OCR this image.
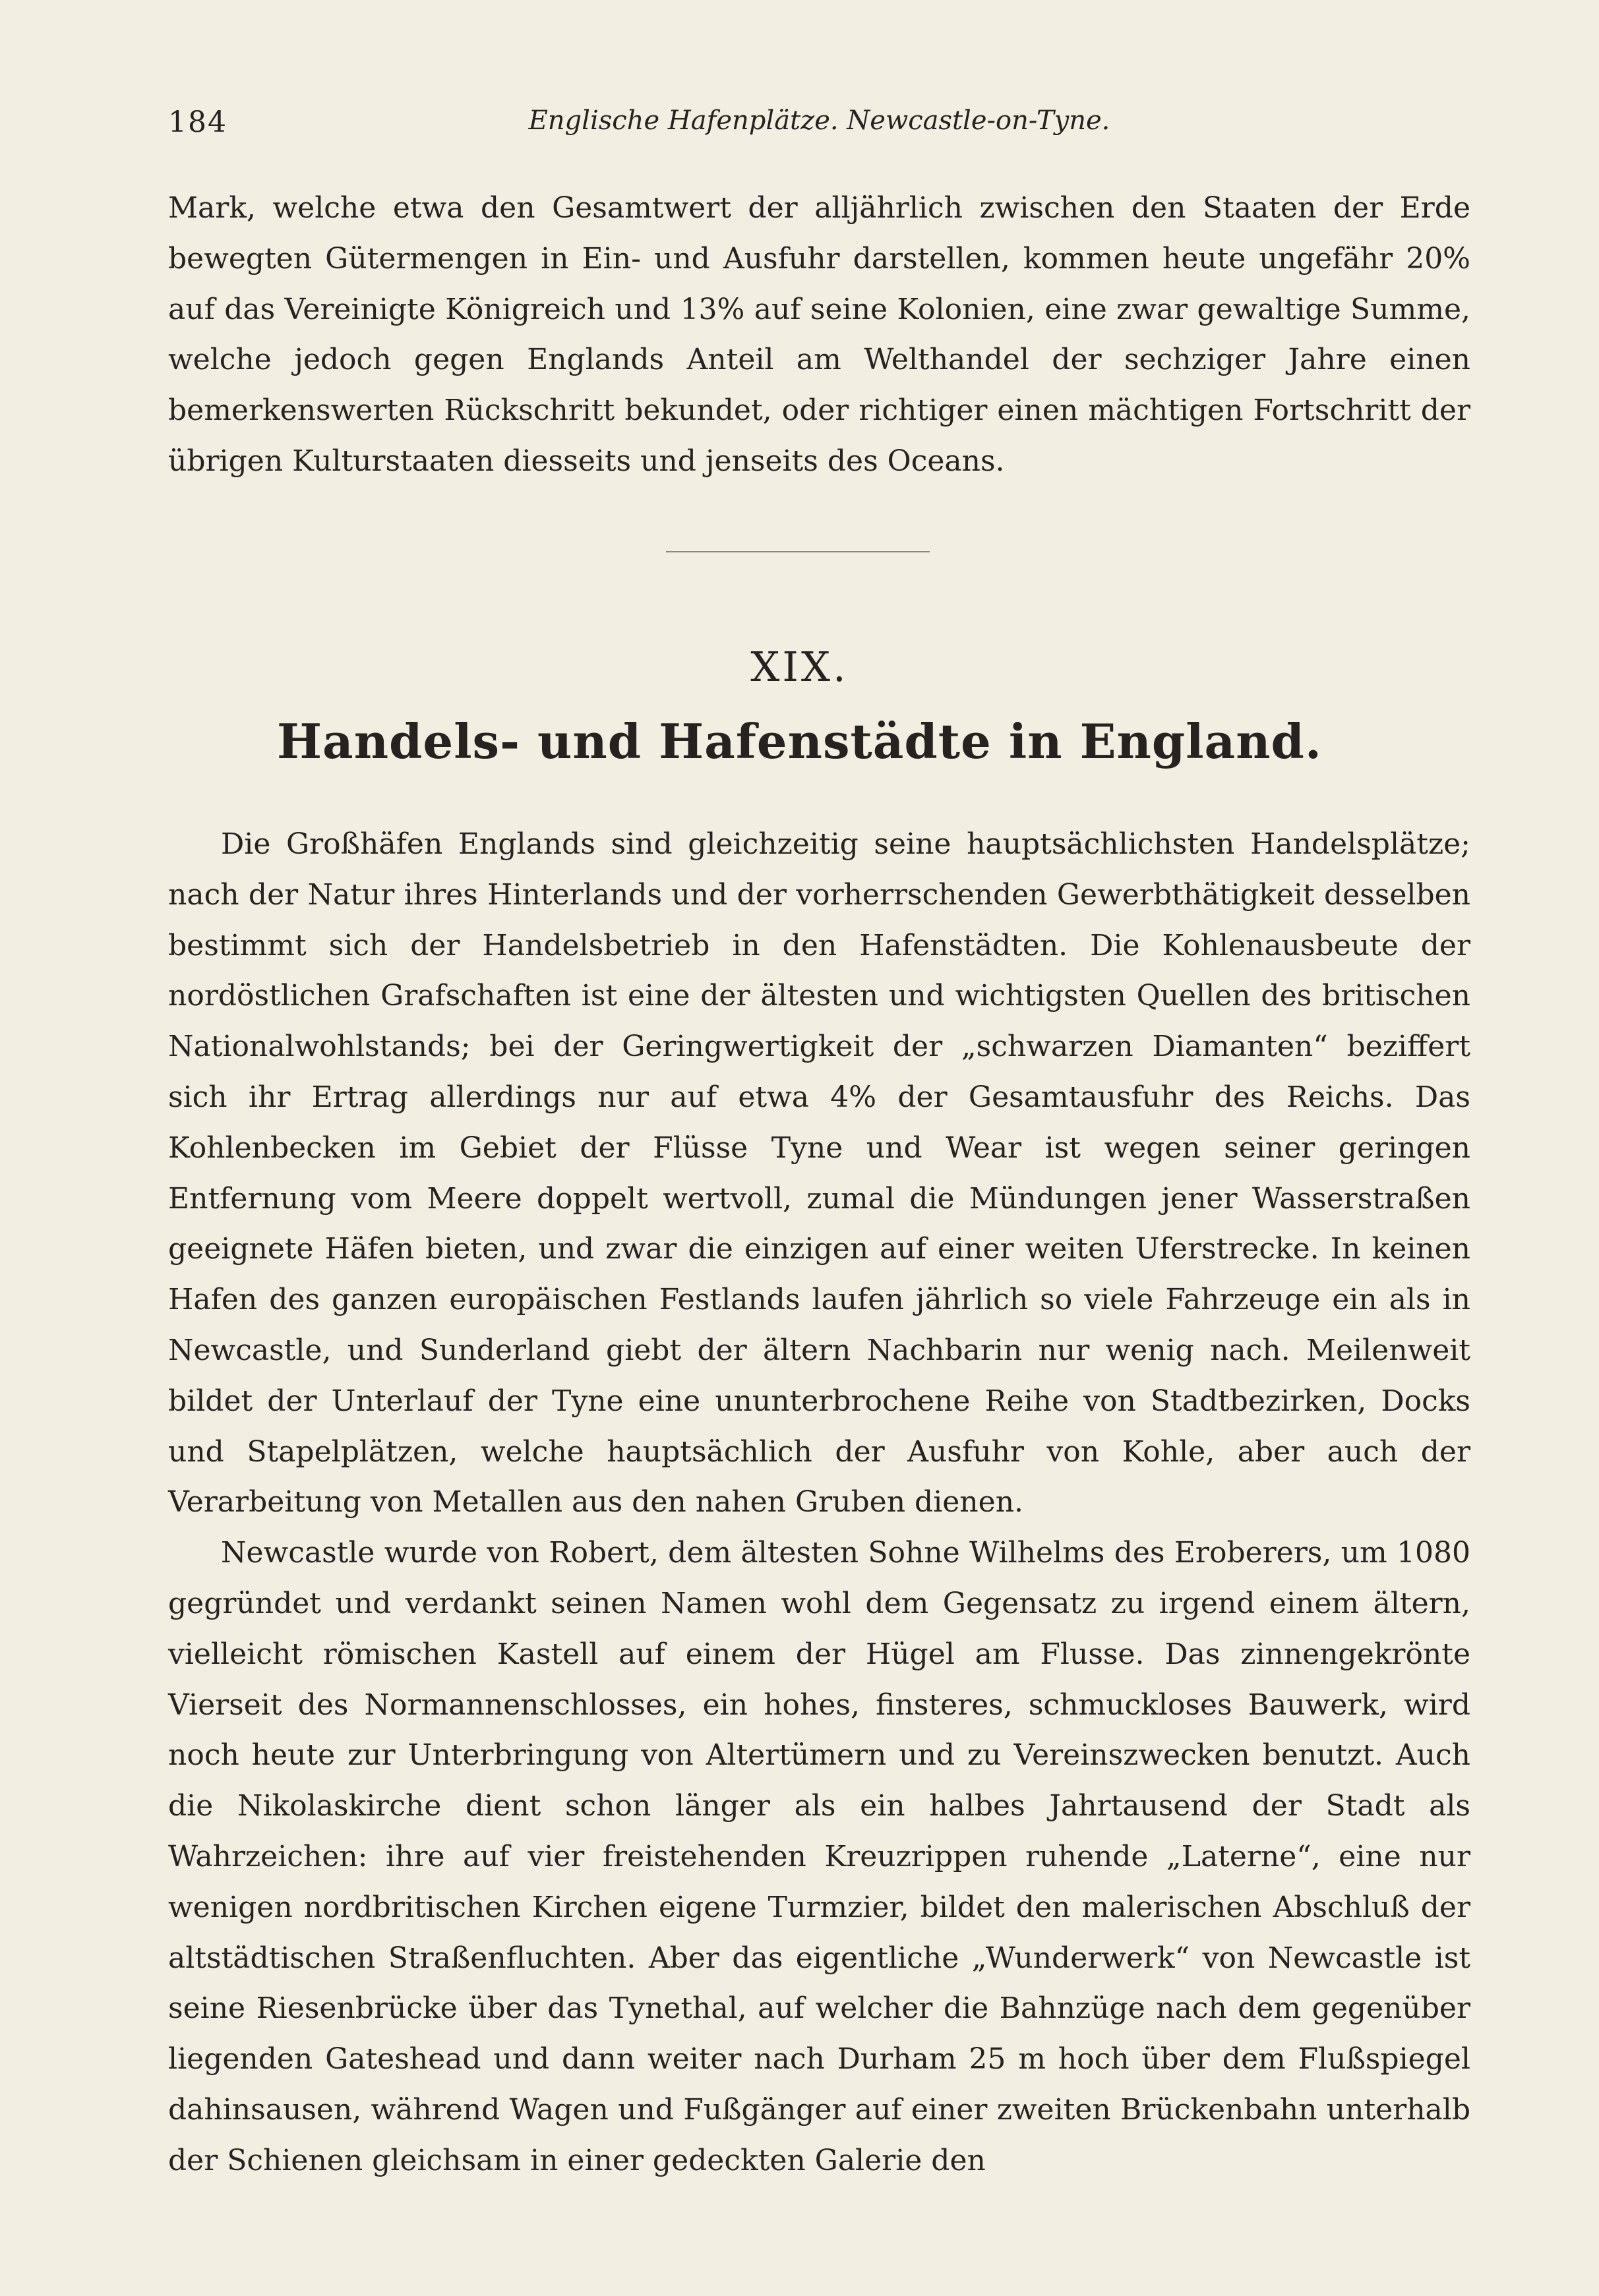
184	Englische Hafenplätze. Newcastle-on-Tyne.

Mark, welche etwa den Gesamtwert der alljährlich zwischen den Staaten der Erde bewegten Gütermengen in Ein- und Ausfuhr darstellen, kommen heute ungefähr 20% auf das Vereinigte Königreich und 13% auf seine Kolonien, eine zwar gewaltige Summe, welche jedoch gegen Englands Anteil am Welthandel der sechziger Jahre einen bemerkenswerten Rückschritt bekundet, oder richtiger einen mächtigen Fortschritt der übrigen Kulturstaaten diesseits und jenseits des Oceans.

XIX.
Handels- und Hafenstädte in England.

Die Großhäfen Englands sind gleichzeitig seine hauptsächlichsten Handelsplätze; nach der Natur ihres Hinterlands und der vorherrschenden Gewerbthätigkeit desselben bestimmt sich der Handelsbetrieb in den Hafenstädten. Die Kohlenausbeute der nordöstlichen Grafschaften ist eine der ältesten und wichtigsten Quellen des britischen Nationalwohlstands; bei der Geringwertigkeit der „schwarzen Diamanten“ beziffert sich ihr Ertrag allerdings nur auf etwa 4% der Gesamtausfuhr des Reichs. Das Kohlenbecken im Gebiet der Flüsse Tyne und Wear ist wegen seiner geringen Entfernung vom Meere doppelt wertvoll, zumal die Mündungen jener Wasserstraßen geeignete Häfen bieten, und zwar die einzigen auf einer weiten Uferstrecke. In keinen Hafen des ganzen europäischen Festlands laufen jährlich so viele Fahrzeuge ein als in Newcastle, und Sunderland giebt der ältern Nachbarin nur wenig nach. Meilenweit bildet der Unterlauf der Tyne eine ununterbrochene Reihe von Stadtbezirken, Docks und Stapelplätzen, welche hauptsächlich der Ausfuhr von Kohle, aber auch der Verarbeitung von Metallen aus den nahen Gruben dienen.

Newcastle wurde von Robert, dem ältesten Sohne Wilhelms des Eroberers, um 1080 gegründet und verdankt seinen Namen wohl dem Gegensatz zu irgend einem ältern, vielleicht römischen Kastell auf einem der Hügel am Flusse. Das zinnengekrönte Vierseit des Normannenschlosses, ein hohes, finsteres, schmuckloses Bauwerk, wird noch heute zur Unterbringung von Altertümern und zu Vereinszwecken benutzt. Auch die Nikolaskirche dient schon länger als ein halbes Jahrtausend der Stadt als Wahrzeichen: ihre auf vier freistehenden Kreuzrippen ruhende „Laterne“, eine nur wenigen nordbritischen Kirchen eigene Turmzier, bildet den malerischen Abschluß der altstädtischen Straßenfluchten. Aber das eigentliche „Wunderwerk“ von Newcastle ist seine Riesenbrücke über das Tynethal, auf welcher die Bahnzüge nach dem gegenüber liegenden Gateshead und dann weiter nach Durham 25 m hoch über dem Flußspiegel dahinsausen, während Wagen und Fußgänger auf einer zweiten Brückenbahn unterhalb der Schienen gleichsam in einer gedeckten Galerie den
